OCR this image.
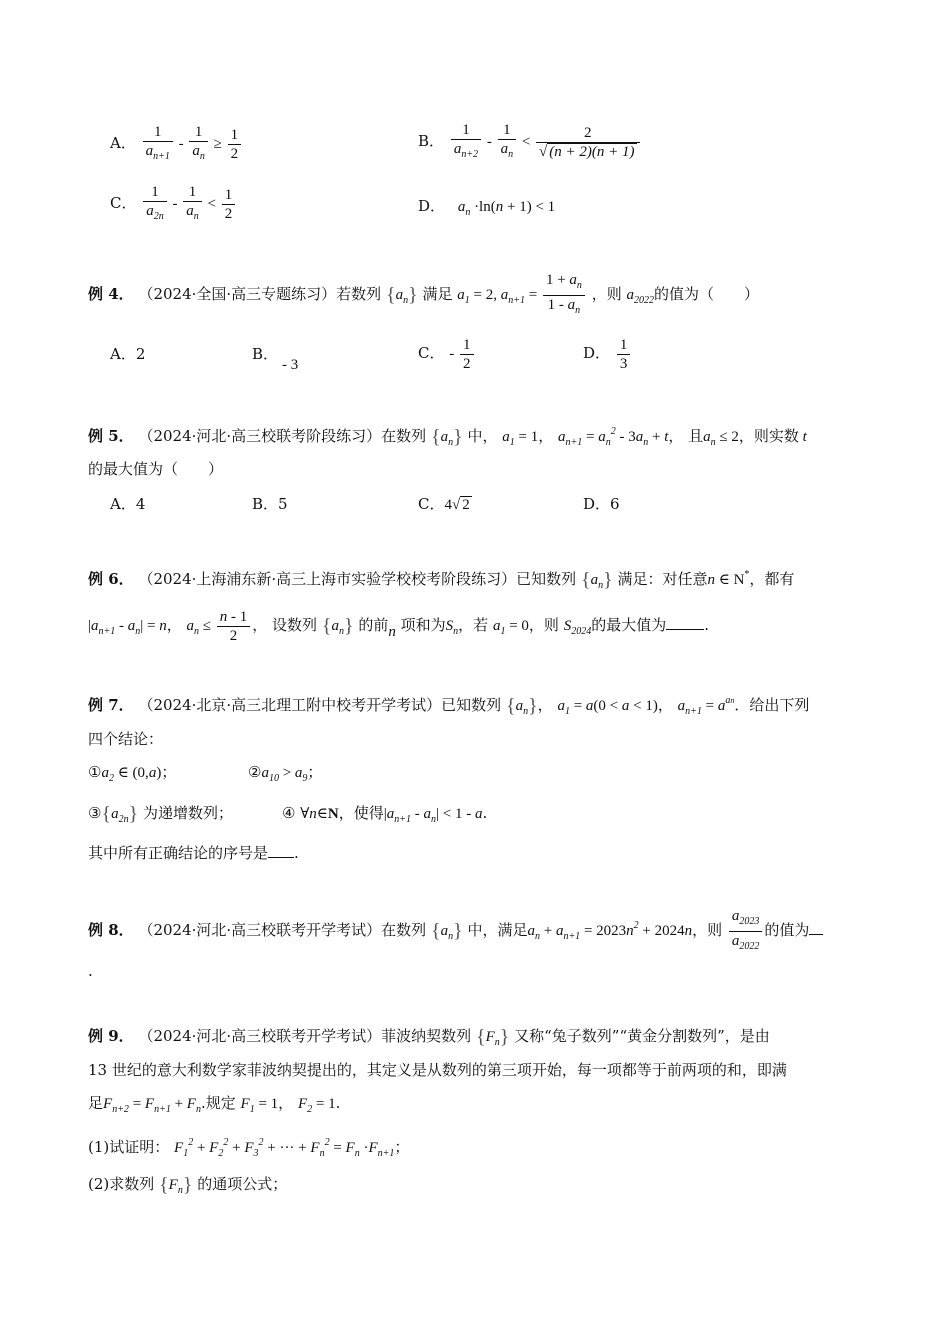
A． $\frac{1}{a_{n+1}} - \frac{1}{a_n} \ge \frac{1}{2}$	B． $\frac{1}{a_{n+2}} - \frac{1}{a_n} < \frac{2}{√ (n + 2)(n + 1)}$
C． $\frac{1}{a_{2n}} - \frac{1}{a_n} < \frac{1}{2}$	D． $a_n \cdot\ln(n + 1) < 1$
例 4． （2024·全国·高三专题练习）若数列 $\{a_n\}$ 满足 $a_1 = 2$, $a_{n+1} = \frac{1 + a_n}{1 - a_n}$ ，则 $a_{2022}$的值为（　　）
A．2	B．- 3
C． - $\frac{1}{2}$	D． $\frac{1}{3}$
例 5． （2024·河北·高三校联考阶段练习）在数列 $\{a_n\}$ 中， $a_1 = 1$， $a_{n+1} = a_n^2 - 3a_n + t$， 且$a_n \le 2$，则实数 t
的最大值为（　　）
A．4	B．5	C．4√ 2	D．6
例 6． （2024·上海浦东新·高三上海市实验学校校考阶段练习）已知数列 $\{a_n\}$ 满足：对任意n ∈ N*，都有
$|a_{n+1} - a_n| = n$， $a_n \le \frac{n - 1}{2}$ ， 设数列 $\{a_n\}$ 的前n 项和为$S_n$，若 $a_1 = 0$，则 $S_{2024}$的最大值为	.
例 7． （2024·北京·高三北理工附中校考开学考试）已知数列 $\{a_n\}$， $a_1 = a(0 < a < 1)$， $a_{n+1} = a^{an}$．给出下列
四个结论：
$①a_2$ ∈ (0,a)；	$②a_{10} > a_9$；
$③\{a_{2n}\}$ 为递增数列；	④ ∀n∈N，使得$|a_{n+1} - a_n| < 1 - a$.
其中所有正确结论的序号是 .
例 8． （2024·河北·高三校联考开学考试）在数列 $\{a_n\}$ 中，满足$a_n + a_{n+1} = 2023n^2 + 2024n$，则 $\frac{a_{2023}}{a_{2022}}$ 的值为
.
例 9． （2024·河北·高三校联考开学考试）菲波纳契数列 $\{F_n\}$ 又称“兔子数列”“黄金分割数列”，是由
13 世纪的意大利数学家菲波纳契提出的，其定义是从数列的第三项开始，每一项都等于前两项的和，即满
足$F_{n+2} = F_{n+1} + F_n$.规定 $F_1 = 1$， $F_2 = 1$.
(1)试证明： $F_1^2 + F_2^2 + F_3^2$ + ··· + $F_n^2 = F_n \cdot F_{n+1}$；
(2)求数列 $\{F_n\}$ 的通项公式；
